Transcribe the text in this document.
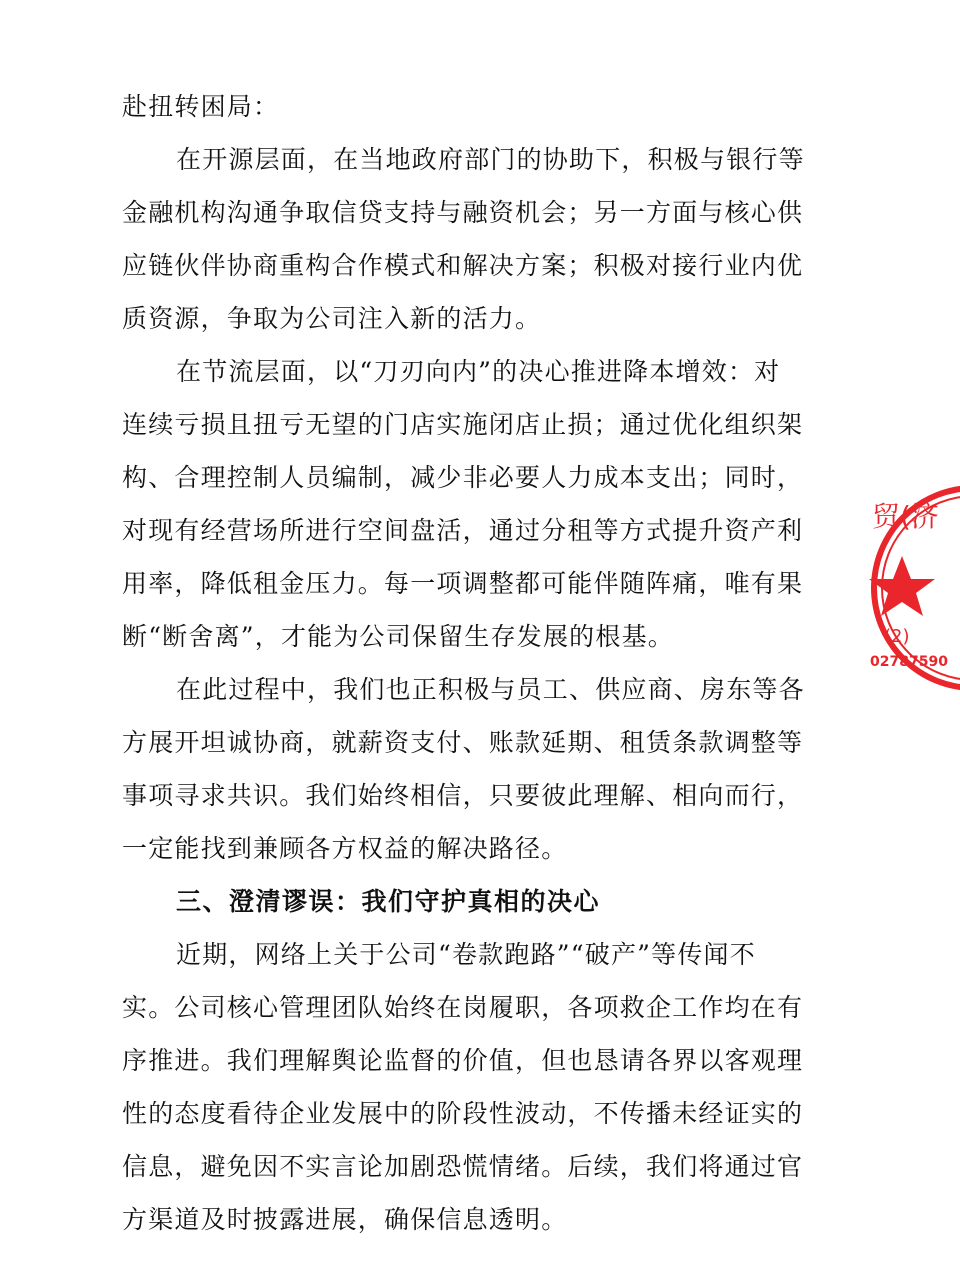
赴扭转困局：
在开源层面，在当地政府部门的协助下，积极与银行等
金融机构沟通争取信贷支持与融资机会；另一方面与核心供
应链伙伴协商重构合作模式和解决方案；积极对接行业内优
质资源，争取为公司注入新的活力。
在节流层面，以“刀刃向内”的决心推进降本增效：对
连续亏损且扭亏无望的门店实施闭店止损；通过优化组织架
构、合理控制人员编制，减少非必要人力成本支出；同时，
对现有经营场所进行空间盘活，通过分租等方式提升资产利
用率，降低租金压力。每一项调整都可能伴随阵痛，唯有果
断“断舍离”，才能为公司保留生存发展的根基。
在此过程中，我们也正积极与员工、供应商、房东等各
方展开坦诚协商，就薪资支付、账款延期、租赁条款调整等
事项寻求共识。我们始终相信，只要彼此理解、相向而行，
一定能找到兼顾各方权益的解决路径。
三、澄清谬误：我们守护真相的决心
近期，网络上关于公司“卷款跑路”“破产”等传闻不
实。公司核心管理团队始终在岗履职，各项救企工作均在有
序推进。我们理解舆论监督的价值，但也恳请各界以客观理
性的态度看待企业发展中的阶段性波动，不传播未经证实的
信息，避免因不实言论加剧恐慌情绪。后续，我们将通过官
方渠道及时披露进展，确保信息透明。
贸(济
(2)
02787590
